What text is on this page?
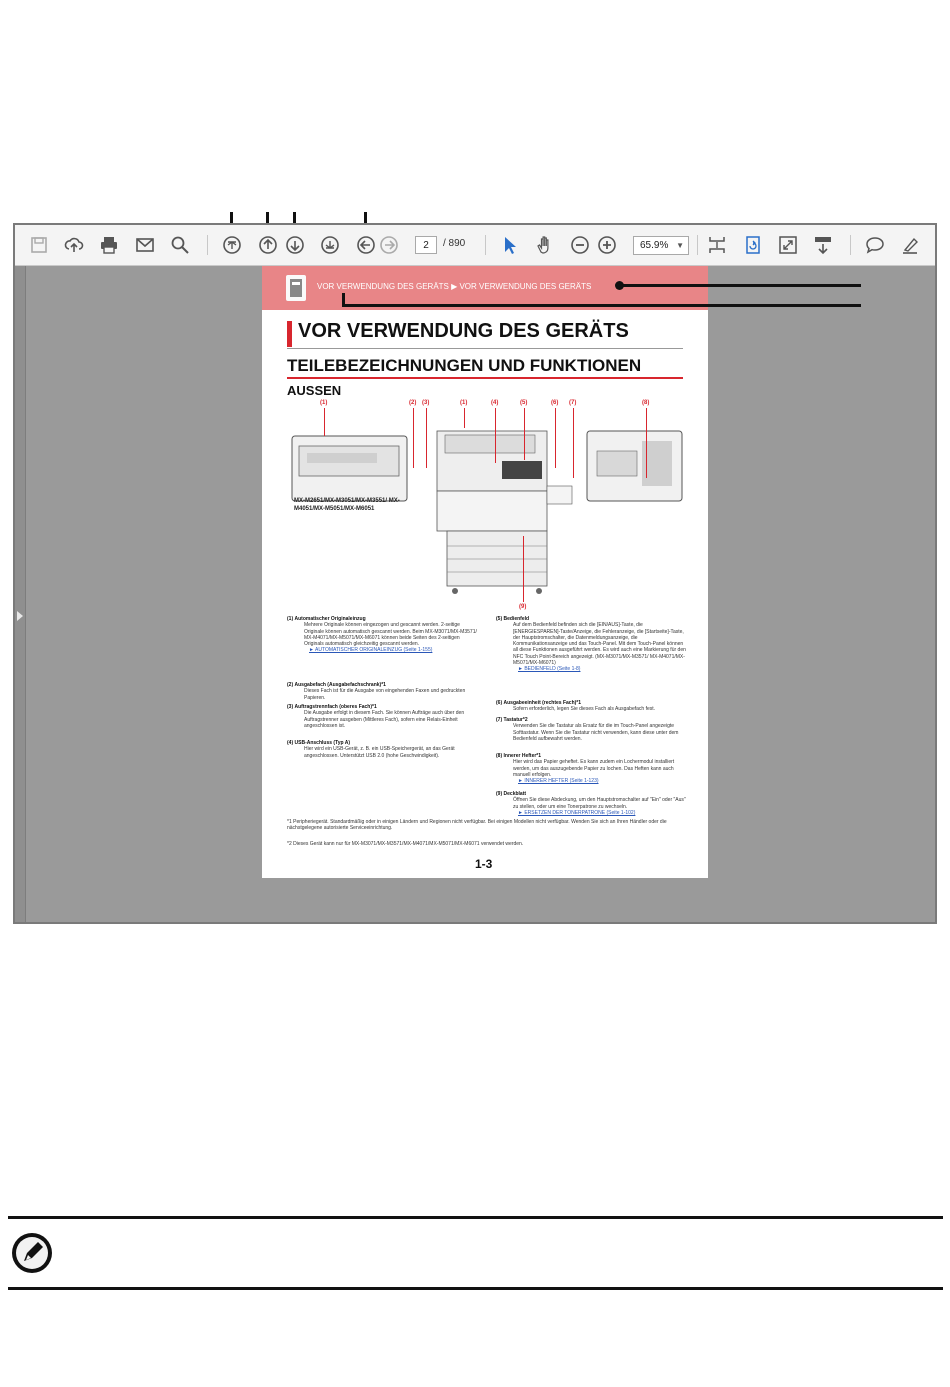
2	/ 890	65.9% ▼
VOR VERWENDUNG DES GERÄTS ▶ VOR VERWENDUNG DES GERÄTS
VOR VERWENDUNG DES GERÄTS
TEILEBEZEICHNUNGEN UND FUNKTIONEN
AUSSEN
(1)	(2) (3)	(1)	(4)	(5)	(6) (7)	(8)
(9)
MX-M2651/MX-M3051/MX-M3551/ MX-M4051/MX-M5051/MX-M6051
(1) Automatischer Originaleinzug
Mehrere Originale können eingezogen und gescannt werden. 2-seitige Originale können automatisch gescannt werden. Beim MX-M3071/MX-M3571/ MX-M4071/MX-M5071/MX-M6071 können beide Seiten des 2-seitigen Originals automatisch gleichzeitig gescannt werden.
► AUTOMATISCHER ORIGINALEINZUG (Seite 1-155)
(2) Ausgabefach (Ausgabefachschrank)*1
Dieses Fach ist für die Ausgabe von eingehenden Faxen und gedruckten Papieren.
(3) Auftragstrennfach (oberes Fach)*1
Die Ausgabe erfolgt in diesem Fach. Sie können Aufträge auch über den Auftragstrenner ausgeben (Mittleres Fach), sofern eine Relais-Einheit angeschlossen ist.
(4) USB-Anschluss (Typ A)
Hier wird ein USB-Gerät, z. B. ein USB-Speichergerät, an das Gerät angeschlossen. Unterstützt USB 2.0 (hohe Geschwindigkeit).
(5) Bedienfeld
Auf dem Bedienfeld befinden sich die [EIN/AUS]-Taste, die [ENERGIESPAREN]-Taste/Anzeige, die Fehleranzeige, die [Startseite]-Taste, der Hauptstromschalter, die Datenmeldungsanzeige, die Kommunikationsanzeige und das Touch-Panel. Mit dem Touch-Panel können all diese Funktionen ausgeführt werden. Es wird auch eine Markierung für den NFC Touch Point-Bereich angezeigt. (MX-M3071/MX-M3571/ MX-M4071/MX-M5071/MX-M6071)
► BEDIENFELD (Seite 1-8)
(6) Ausgabeeinheit (rechtes Fach)*1
Sofern erforderlich, legen Sie dieses Fach als Ausgabefach fest.
(7) Tastatur*2
Verwenden Sie die Tastatur als Ersatz für die im Touch-Panel angezeigte Softtastatur. Wenn Sie die Tastatur nicht verwenden, kann diese unter dem Bedienfeld aufbewahrt werden.
(8) Innerer Hefter*1
Hier wird das Papier geheftet. Es kann zudem ein Lochermodul installiert werden, um das auszugebende Papier zu lochen. Das Heften kann auch manuell erfolgen.
► INNERER HEFTER (Seite 1-123)
(9) Deckblatt
Öffnen Sie diese Abdeckung, um den Hauptstromschalter auf "Ein" oder "Aus" zu stellen, oder um eine Tonerpatrone zu wechseln.
► ERSETZEN DER TONERPATRONE (Seite 1-102)
*1 Peripheriegerät. Standardmäßig oder in einigen Ländern und Regionen nicht verfügbar. Bei einigen Modellen nicht verfügbar. Wenden Sie sich an Ihren Händler oder die nächstgelegene autorisierte Serviceeinrichtung.
*2 Dieses Gerät kann nur für MX-M3071/MX-M3571/MX-M4071/MX-M5071/MX-M6071 verwendet werden.
1-3
